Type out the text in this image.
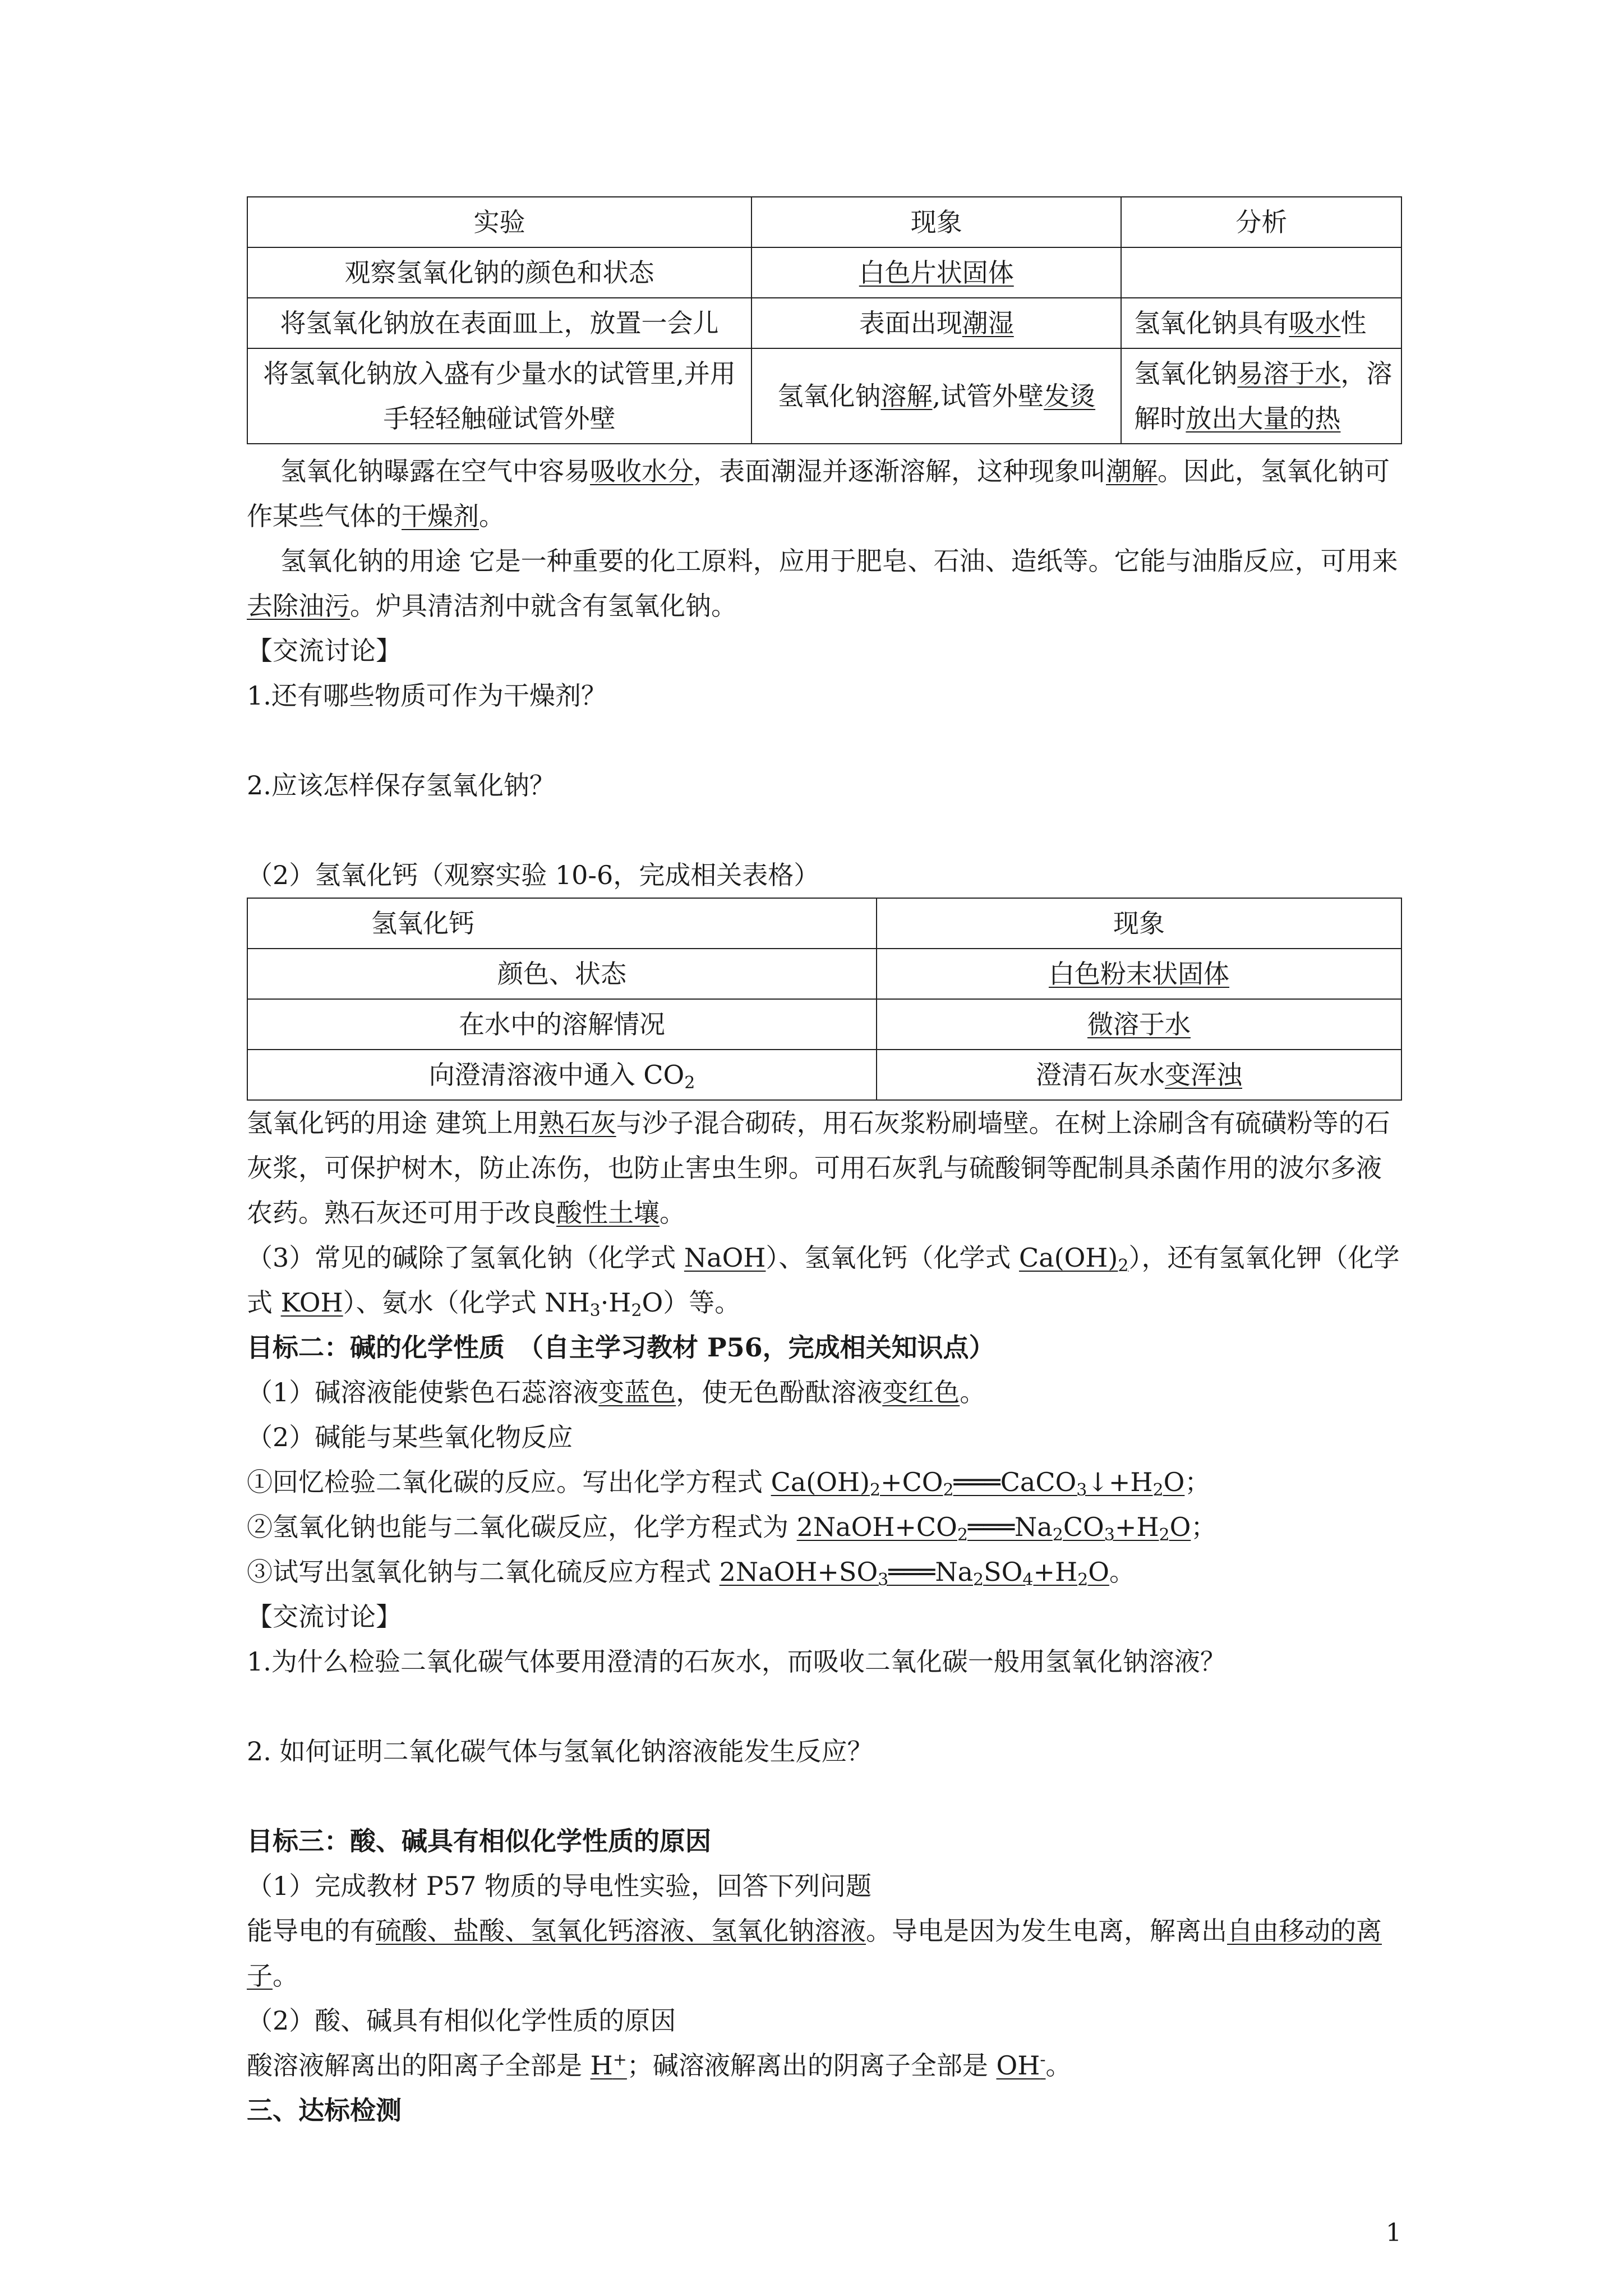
实验	现象	分析
观察氢氧化钠的颜色和状态	白色片状固体	
将氢氧化钠放在表面皿上，放置一会儿	表面出现潮湿	氢氧化钠具有吸水性
将氢氧化钠放入盛有少量水的试管里,并用手轻轻触碰试管外壁	氢氧化钠溶解,试管外壁发烫	氢氧化钠易溶于水，溶解时放出大量的热

氢氧化钠曝露在空气中容易吸收水分，表面潮湿并逐渐溶解，这种现象叫潮解。因此，氢氧化钠可作某些气体的干燥剂。

氢氧化钠的用途 它是一种重要的化工原料，应用于肥皂、石油、造纸等。它能与油脂反应，可用来去除油污。炉具清洁剂中就含有氢氧化钠。

【交流讨论】

1.还有哪些物质可作为干燥剂？

2.应该怎样保存氢氧化钠？

（2）氢氧化钙（观察实验 10-6，完成相关表格）

氢氧化钙	现象
颜色、状态	白色粉末状固体
在水中的溶解情况	微溶于水
向澄清溶液中通入 $CO_2$	澄清石灰水变浑浊

氢氧化钙的用途 建筑上用熟石灰与沙子混合砌砖，用石灰浆粉刷墙壁。在树上涂刷含有硫磺粉等的石灰浆，可保护树木，防止冻伤，也防止害虫生卵。可用石灰乳与硫酸铜等配制具杀菌作用的波尔多液农药。熟石灰还可用于改良酸性土壤。

（3）常见的碱除了氢氧化钠（化学式 NaOH）、氢氧化钙（化学式 $Ca(OH)_2$），还有氢氧化钾（化学式 KOH）、氨水（化学式 $NH_3\cdot H_2O$）等。

目标二：碱的化学性质　（自主学习教材 P56，完成相关知识点）

（1）碱溶液能使紫色石蕊溶液变蓝色，使无色酚酞溶液变红色。

（2）碱能与某些氧化物反应

①回忆检验二氧化碳的反应。写出化学方程式 $Ca(OH)_2+CO_2═══CaCO_3↓+H_2O$；

②氢氧化钠也能与二氧化碳反应，化学方程式为 $2NaOH+CO_2═══Na_2CO_3+H_2O$；

③试写出氢氧化钠与二氧化硫反应方程式 $2NaOH+SO_3═══Na_2SO_4+H_2O$。

【交流讨论】

1.为什么检验二氧化碳气体要用澄清的石灰水，而吸收二氧化碳一般用氢氧化钠溶液？

2. 如何证明二氧化碳气体与氢氧化钠溶液能发生反应？

目标三：酸、碱具有相似化学性质的原因

（1）完成教材 P57 物质的导电性实验，回答下列问题

能导电的有硫酸、盐酸、氢氧化钙溶液、氢氧化钠溶液。导电是因为发生电离，解离出自由移动的离子。

（2）酸、碱具有相似化学性质的原因

酸溶液解离出的阳离子全部是 H+；碱溶液解离出的阴离子全部是 OH-。

三、达标检测

1
